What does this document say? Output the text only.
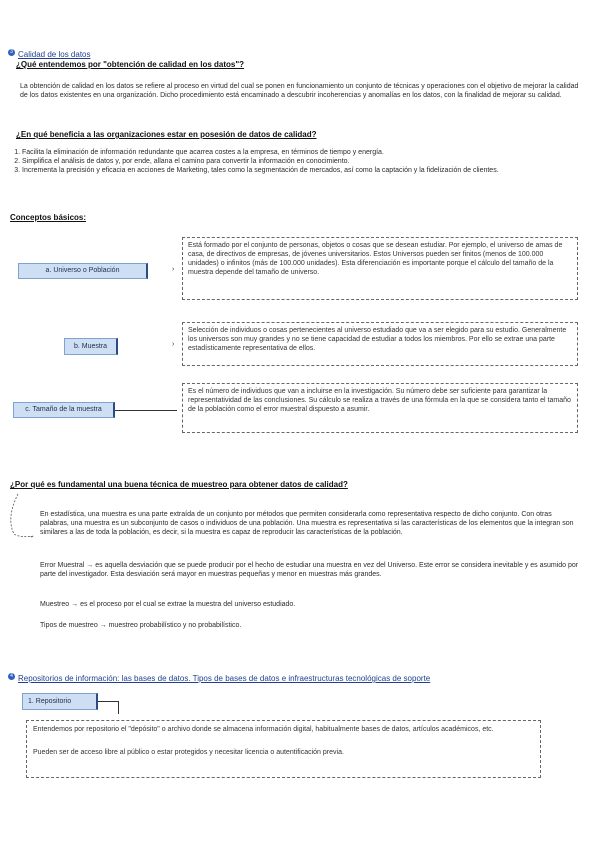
3 Calidad de los datos
¿Qué entendemos por "obtención de calidad en los datos"?
La obtención de calidad en los datos se refiere al proceso en virtud del cual se ponen en funcionamiento un conjunto de técnicas y operaciones con el objetivo de mejorar la calidad de los datos existentes en una organización. Dicho procedimiento está encaminado a descubrir incoherencias y anomalías en los datos, con la finalidad de mejorar su calidad.
¿En qué beneficia a las organizaciones estar en posesión de datos de calidad?
1. Facilita la eliminación de información redundante que acarrea costes a la empresa, en términos de tiempo y energía.
2. Simplifica el análisis de datos y, por ende, allana el camino para convertir la información en conocimiento.
3. Incrementa la precisión y eficacia en acciones de Marketing, tales como la segmentación de mercados, así como la captación y la fidelización de clientes.
Conceptos básicos:
a. Universo o Población	›
Está formado por el conjunto de personas, objetos o cosas que se desean estudiar. Por ejemplo, el universo de amas de casa, de directivos de empresas, de jóvenes universitarios. Estos Universos pueden ser finitos (menos de 100.000 unidades) o infinitos (más de 100.000 unidades). Esta diferenciación es importante porque el cálculo del tamaño de la muestra depende del tamaño de universo.
b. Muestra	›
Selección de individuos o cosas pertenecientes al universo estudiado que va a ser elegido para su estudio. Generalmente los universos son muy grandes y no se tiene capacidad de estudiar a todos los miembros. Por ello se extrae una parte estadísticamente representativa de ellos.
c. Tamaño de la muestra
Es el número de individuos que van a incluirse en la investigación. Su número debe ser suficiente para garantizar la representatividad de las conclusiones. Su cálculo se realiza a través de una fórmula en la que se considera tanto el tamaño de la población como el error muestral dispuesto a asumir.
¿Por qué es fundamental una buena técnica de muestreo para obtener datos de calidad?
→
En estadística, una muestra es una parte extraída de un conjunto por métodos que permiten considerarla como representativa respecto de dicho conjunto. Con otras palabras, una muestra es un subconjunto de casos o individuos de una población. Una muestra es representativa si las características de los elementos que la integran son similares a las de toda la población, es decir, si la muestra es capaz de reproducir las características de la población.
Error Muestral → es aquella desviación que se puede producir por el hecho de estudiar una muestra en vez del Universo. Este error se considera inevitable y es asumido por parte del investigador. Esta desviación será mayor en muestras pequeñas y menor en muestras más grandes.
Muestreo → es el proceso por el cual se extrae la muestra del universo estudiado.
Tipos de muestreo → muestreo probabilístico y no probabilístico.
4 Repositorios de información: las bases de datos. Tipos de bases de datos e infraestructuras tecnológicas de soporte
1. Repositorio

Entendemos por repositorio el "depósito" o archivo donde se almacena información digital, habitualmente bases de datos, artículos académicos, etc.

Pueden ser de acceso libre al público o estar protegidos y necesitar licencia o autentificación previa.
